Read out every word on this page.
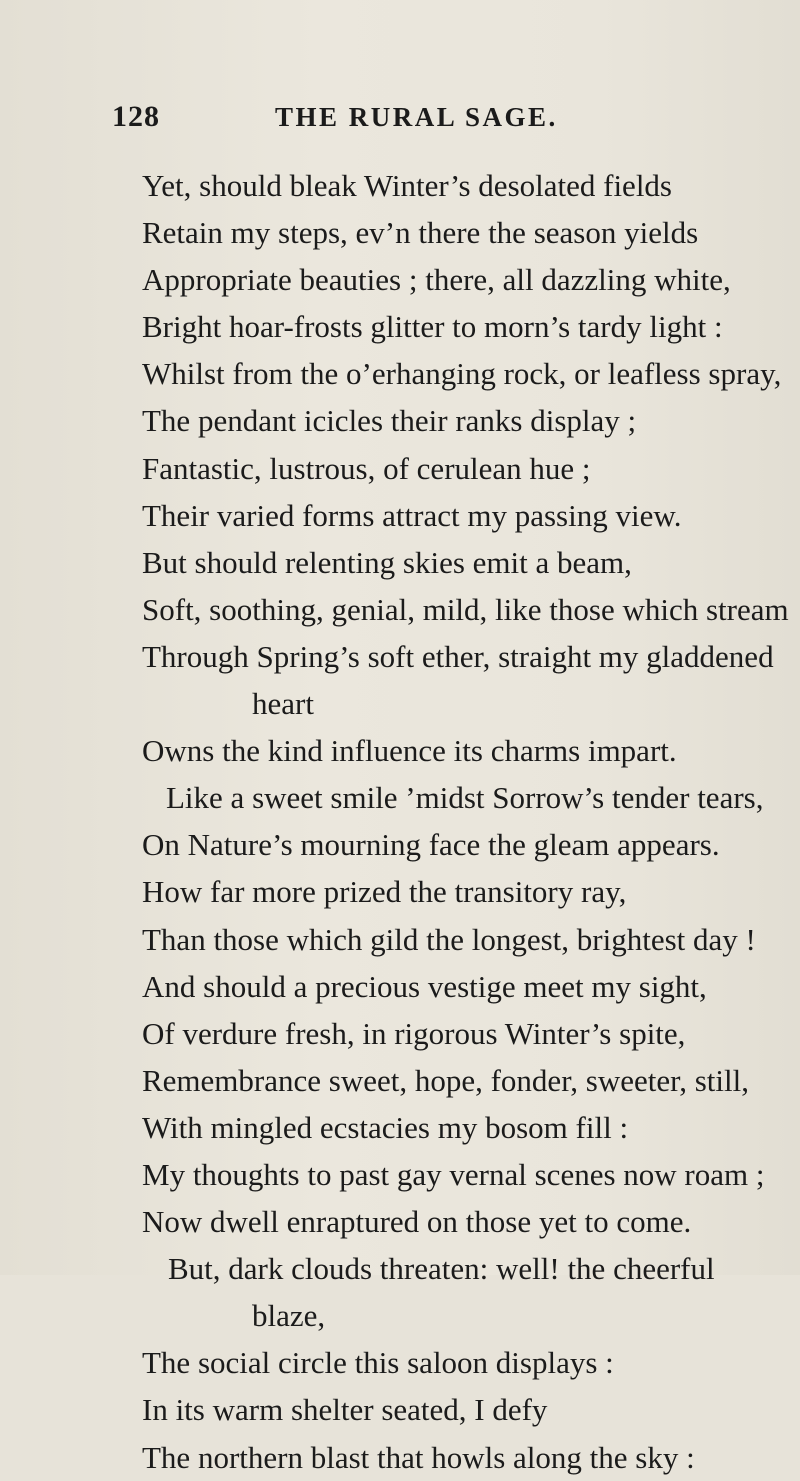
128	THE RURAL SAGE.
Yet, should bleak Winter’s desolated fields
Retain my steps, ev’n there the season yields
Appropriate beauties ; there, all dazzling white,
Bright hoar-frosts glitter to morn’s tardy light :
Whilst from the o’erhanging rock, or leafless spray,
The pendant icicles their ranks display ;
Fantastic, lustrous, of cerulean hue ;
Their varied forms attract my passing view.
But should relenting skies emit a beam,
Soft, soothing, genial, mild, like those which stream
Through Spring’s soft ether, straight my gladdened
heart
Owns the kind influence its charms impart.
Like a sweet smile ’midst Sorrow’s tender tears,
On Nature’s mourning face the gleam appears.
How far more prized the transitory ray,
Than those which gild the longest, brightest day !
And should a precious vestige meet my sight,
Of verdure fresh, in rigorous Winter’s spite,
Remembrance sweet, hope, fonder, sweeter, still,
With mingled ecstacies my bosom fill :
My thoughts to past gay vernal scenes now roam ;
Now dwell enraptured on those yet to come.
But, dark clouds threaten: well! the cheerful
blaze,
The social circle this saloon displays :
In its warm shelter seated, I defy
The northern blast that howls along the sky :
